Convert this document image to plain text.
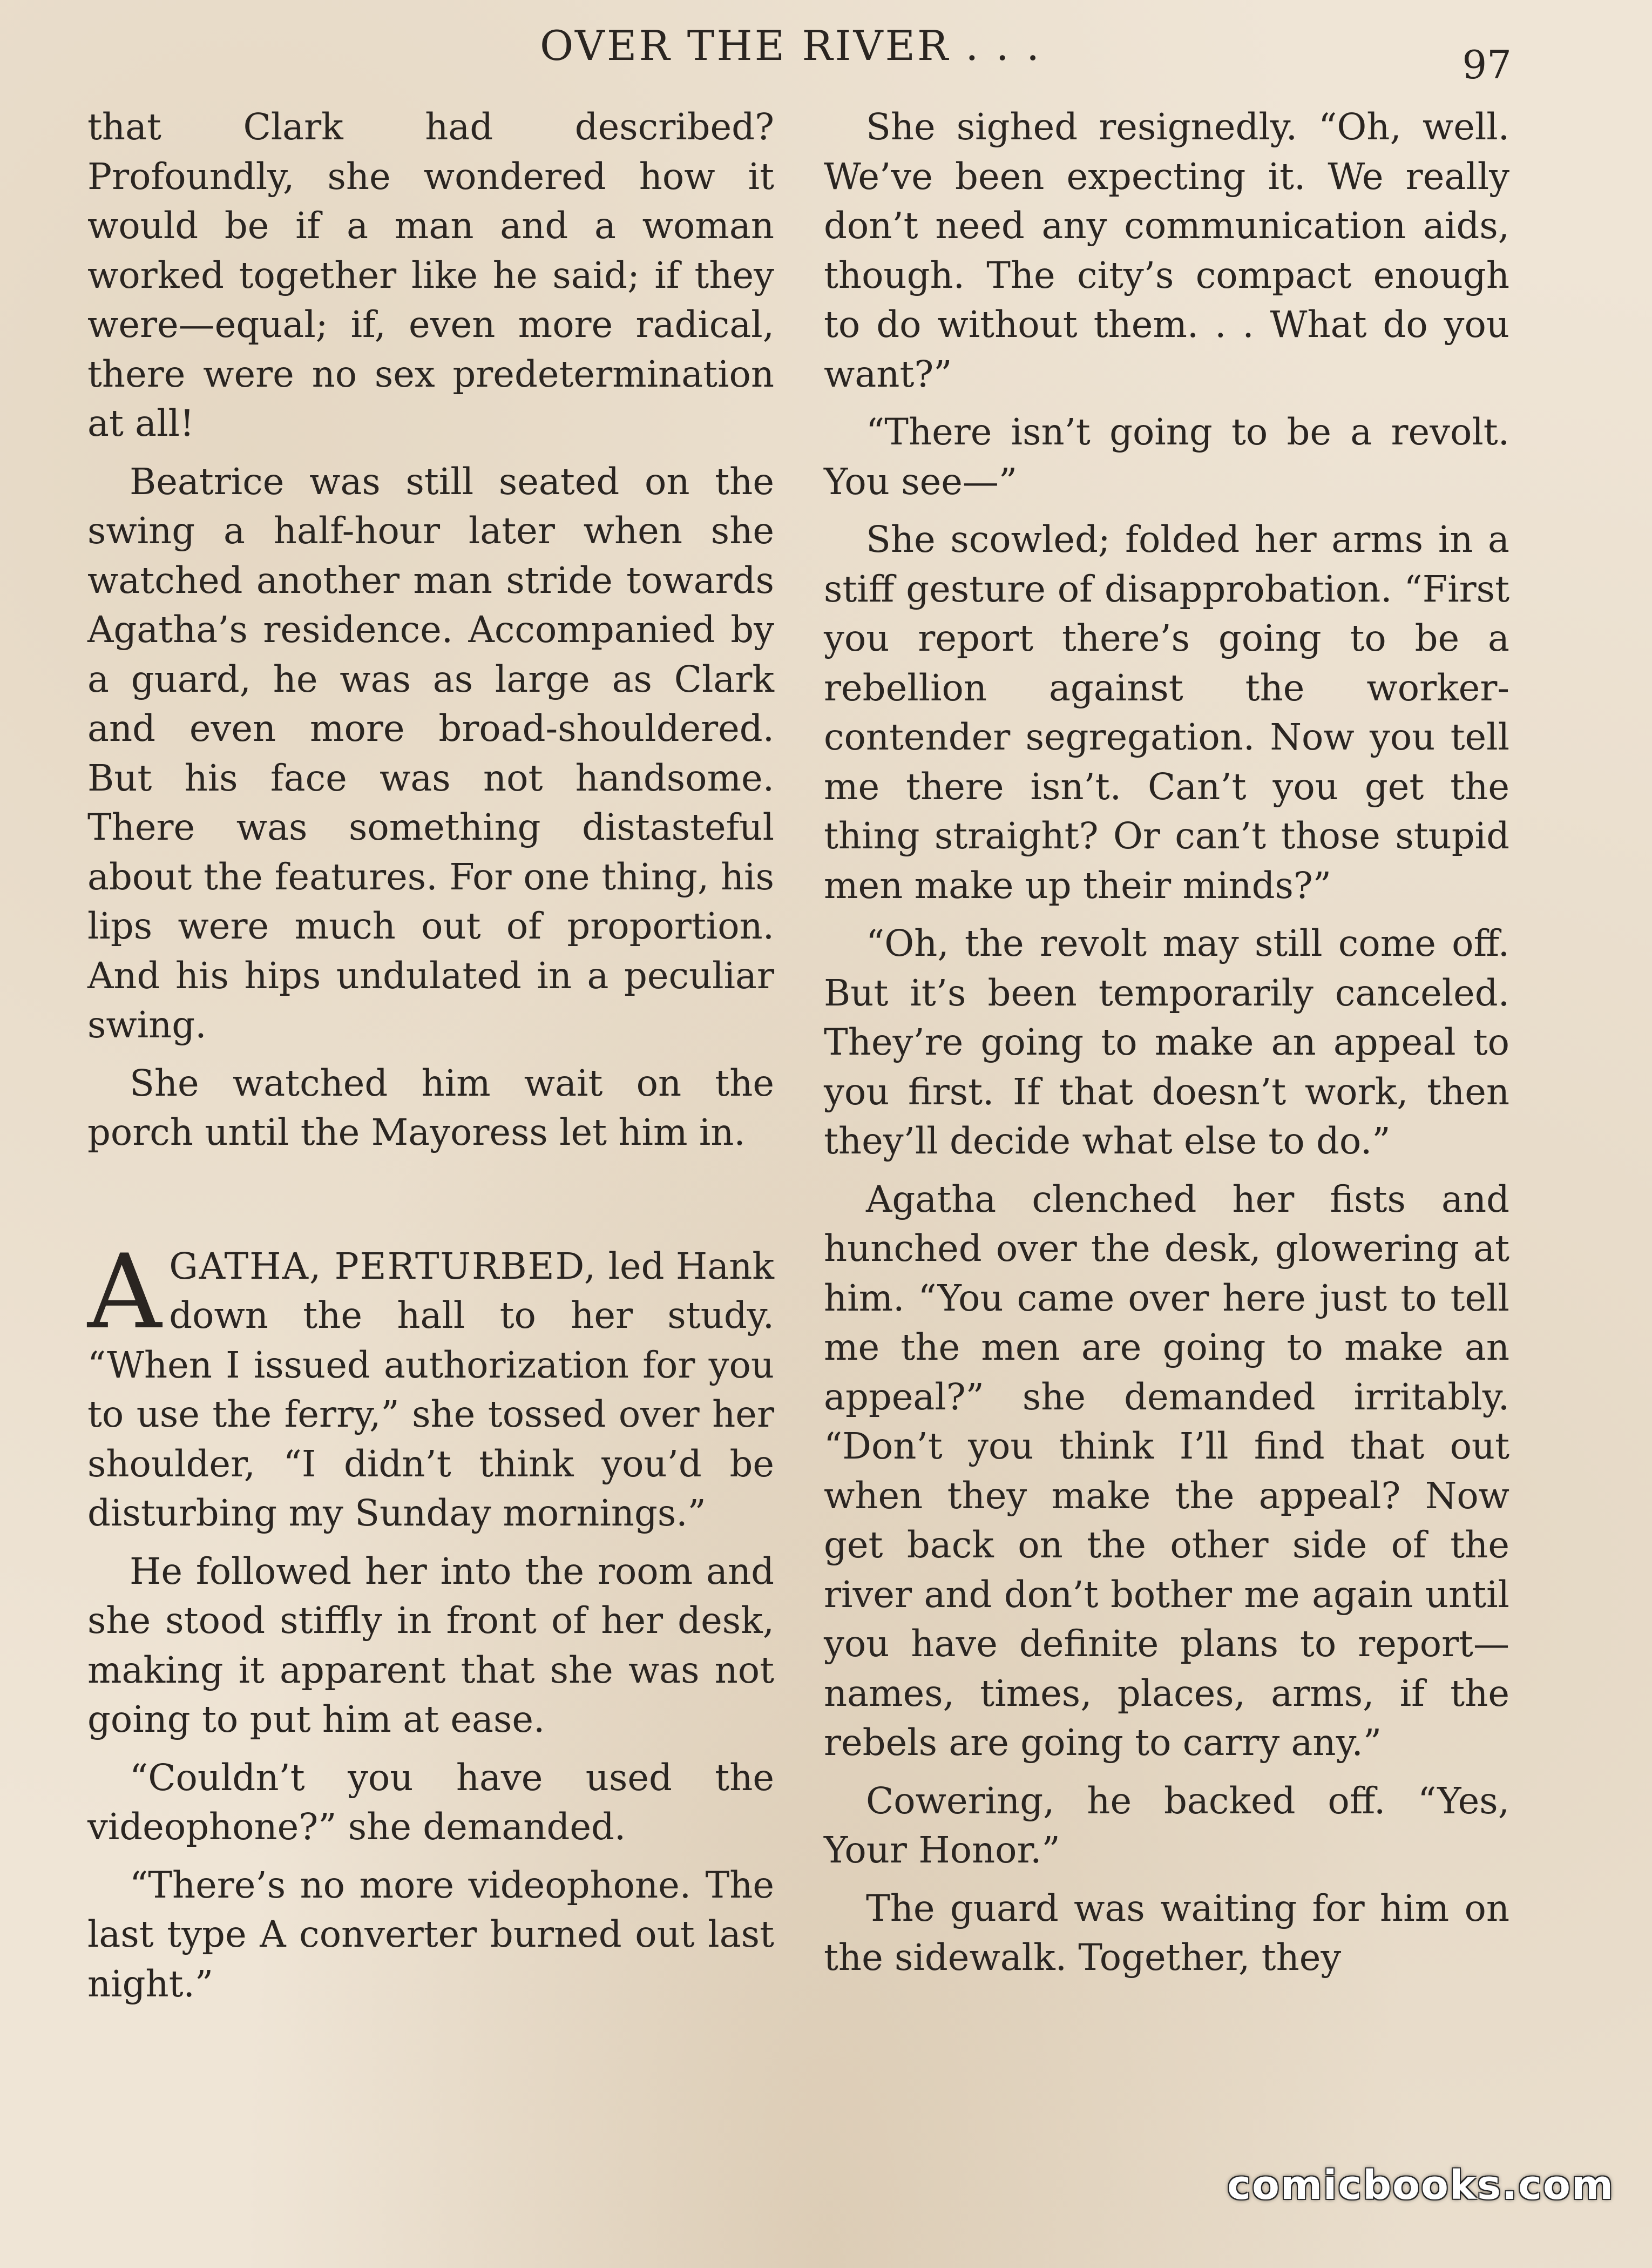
OVER THE RIVER . . .	97

that Clark had described? Profoundly, she wondered how it would be if a man and a woman worked together like he said; if they were—equal; if, even more radical, there were no sex predetermination at all!

Beatrice was still seated on the swing a half-hour later when she watched another man stride towards Agatha’s residence. Accompanied by a guard, he was as large as Clark and even more broad-shouldered. But his face was not handsome. There was something distasteful about the features. For one thing, his lips were much out of proportion. And his hips undulated in a peculiar swing.

She watched him wait on the porch until the Mayoress let him in.

AGATHA, PERTURBED, led Hank down the hall to her study. “When I issued authorization for you to use the ferry,” she tossed over her shoulder, “I didn’t think you’d be disturbing my Sunday mornings.”

He followed her into the room and she stood stiffly in front of her desk, making it apparent that she was not going to put him at ease.

“Couldn’t you have used the videophone?” she demanded.

“There’s no more videophone. The last type A converter burned out last night.”

She sighed resignedly. “Oh, well. We’ve been expecting it. We really don’t need any communication aids, though. The city’s compact enough to do without them. . . What do you want?”

“There isn’t going to be a revolt. You see—”

She scowled; folded her arms in a stiff gesture of disapprobation. “First you report there’s going to be a rebellion against the worker-contender segregation. Now you tell me there isn’t. Can’t you get the thing straight? Or can’t those stupid men make up their minds?”

“Oh, the revolt may still come off. But it’s been temporarily canceled. They’re going to make an appeal to you first. If that doesn’t work, then they’ll decide what else to do.”

Agatha clenched her fists and hunched over the desk, glowering at him. “You came over here just to tell me the men are going to make an appeal?” she demanded irritably. “Don’t you think I’ll find that out when they make the appeal? Now get back on the other side of the river and don’t bother me again until you have definite plans to report—names, times, places, arms, if the rebels are going to carry any.”

Cowering, he backed off. “Yes, Your Honor.”

The guard was waiting for him on the sidewalk. Together, they

comicbooks.com
